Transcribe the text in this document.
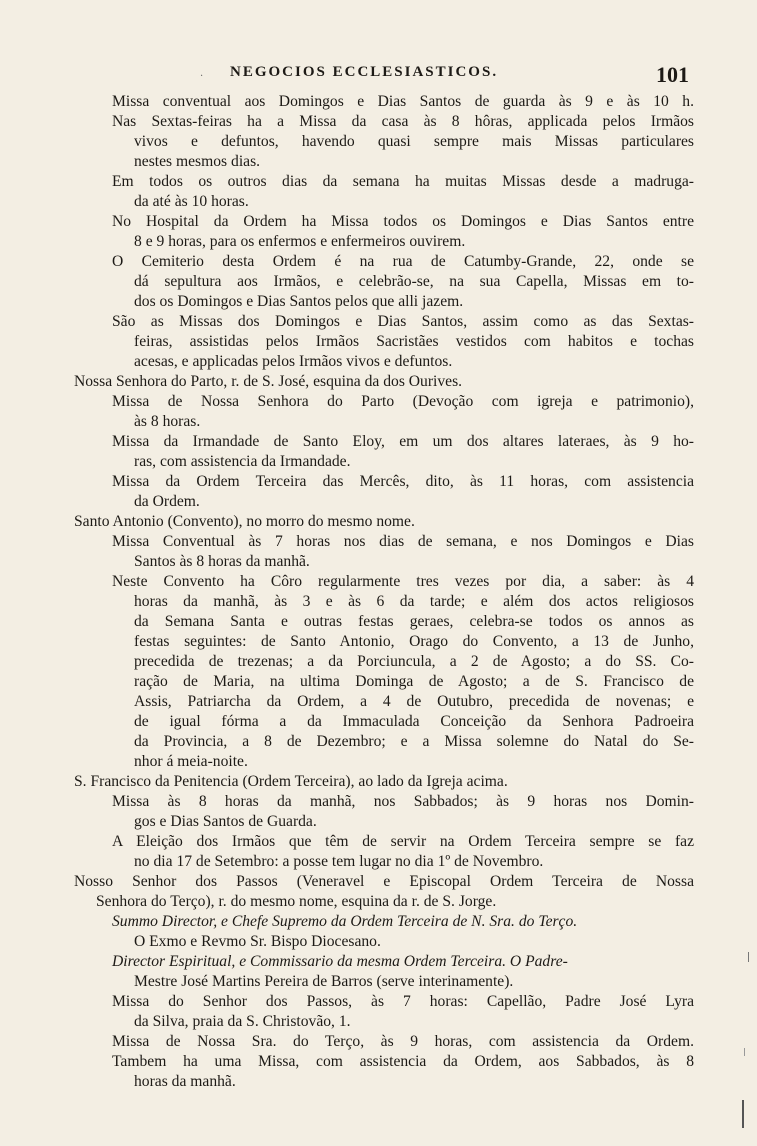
. NEGOCIOS ECCLESIASTICOS.	101
Missa conventual aos Domingos e Dias Santos de guarda às 9 e às 10 h.
Nas Sextas-feiras ha a Missa da casa às 8 hôras, applicada pelos Irmãos
vivos e defuntos, havendo quasi sempre mais Missas particulares
nestes mesmos dias.
Em todos os outros dias da semana ha muitas Missas desde a madruga-
da até às 10 horas.
No Hospital da Ordem ha Missa todos os Domingos e Dias Santos entre
8 e 9 horas, para os enfermos e enfermeiros ouvirem.
O Cemiterio desta Ordem é na rua de Catumby-Grande, 22, onde se
dá sepultura aos Irmãos, e celebrão-se, na sua Capella, Missas em to-
dos os Domingos e Dias Santos pelos que alli jazem.
São as Missas dos Domingos e Dias Santos, assim como as das Sextas-
feiras, assistidas pelos Irmãos Sacristães vestidos com habitos e tochas
acesas, e applicadas pelos Irmãos vivos e defuntos.
Nossa Senhora do Parto, r. de S. José, esquina da dos Ourives.
Missa de Nossa Senhora do Parto (Devoção com igreja e patrimonio),
às 8 horas.
Missa da Irmandade de Santo Eloy, em um dos altares lateraes, às 9 ho-
ras, com assistencia da Irmandade.
Missa da Ordem Terceira das Mercês, dito, às 11 horas, com assistencia
da Ordem.
Santo Antonio (Convento), no morro do mesmo nome.
Missa Conventual às 7 horas nos dias de semana, e nos Domingos e Dias
Santos às 8 horas da manhã.
Neste Convento ha Côro regularmente tres vezes por dia, a saber: às 4
horas da manhã, às 3 e às 6 da tarde; e além dos actos religiosos
da Semana Santa e outras festas geraes, celebra-se todos os annos as
festas seguintes: de Santo Antonio, Orago do Convento, a 13 de Junho,
precedida de trezenas; a da Porciuncula, a 2 de Agosto; a do SS. Co-
ração de Maria, na ultima Dominga de Agosto; a de S. Francisco de
Assis, Patriarcha da Ordem, a 4 de Outubro, precedida de novenas; e
de igual fórma a da Immaculada Conceição da Senhora Padroeira
da Provincia, a 8 de Dezembro; e a Missa solemne do Natal do Se-
nhor á meia-noite.
S. Francisco da Penitencia (Ordem Terceira), ao lado da Igreja acima.
Missa às 8 horas da manhã, nos Sabbados; às 9 horas nos Domin-
gos e Dias Santos de Guarda.
A Eleição dos Irmãos que têm de servir na Ordem Terceira sempre se faz
no dia 17 de Setembro: a posse tem lugar no dia 1º de Novembro.
Nosso Senhor dos Passos (Veneravel e Episcopal Ordem Terceira de Nossa
Senhora do Terço), r. do mesmo nome, esquina da r. de S. Jorge.
Summo Director, e Chefe Supremo da Ordem Terceira de N. Sra. do Terço.
O Exmo e Revmo Sr. Bispo Diocesano.
Director Espiritual, e Commissario da mesma Ordem Terceira. O Padre-
Mestre José Martins Pereira de Barros (serve interinamente).
Missa do Senhor dos Passos, às 7 horas: Capellão, Padre José Lyra
da Silva, praia da S. Christovão, 1.
Missa de Nossa Sra. do Terço, às 9 horas, com assistencia da Ordem.
Tambem ha uma Missa, com assistencia da Ordem, aos Sabbados, às 8
horas da manhã.
